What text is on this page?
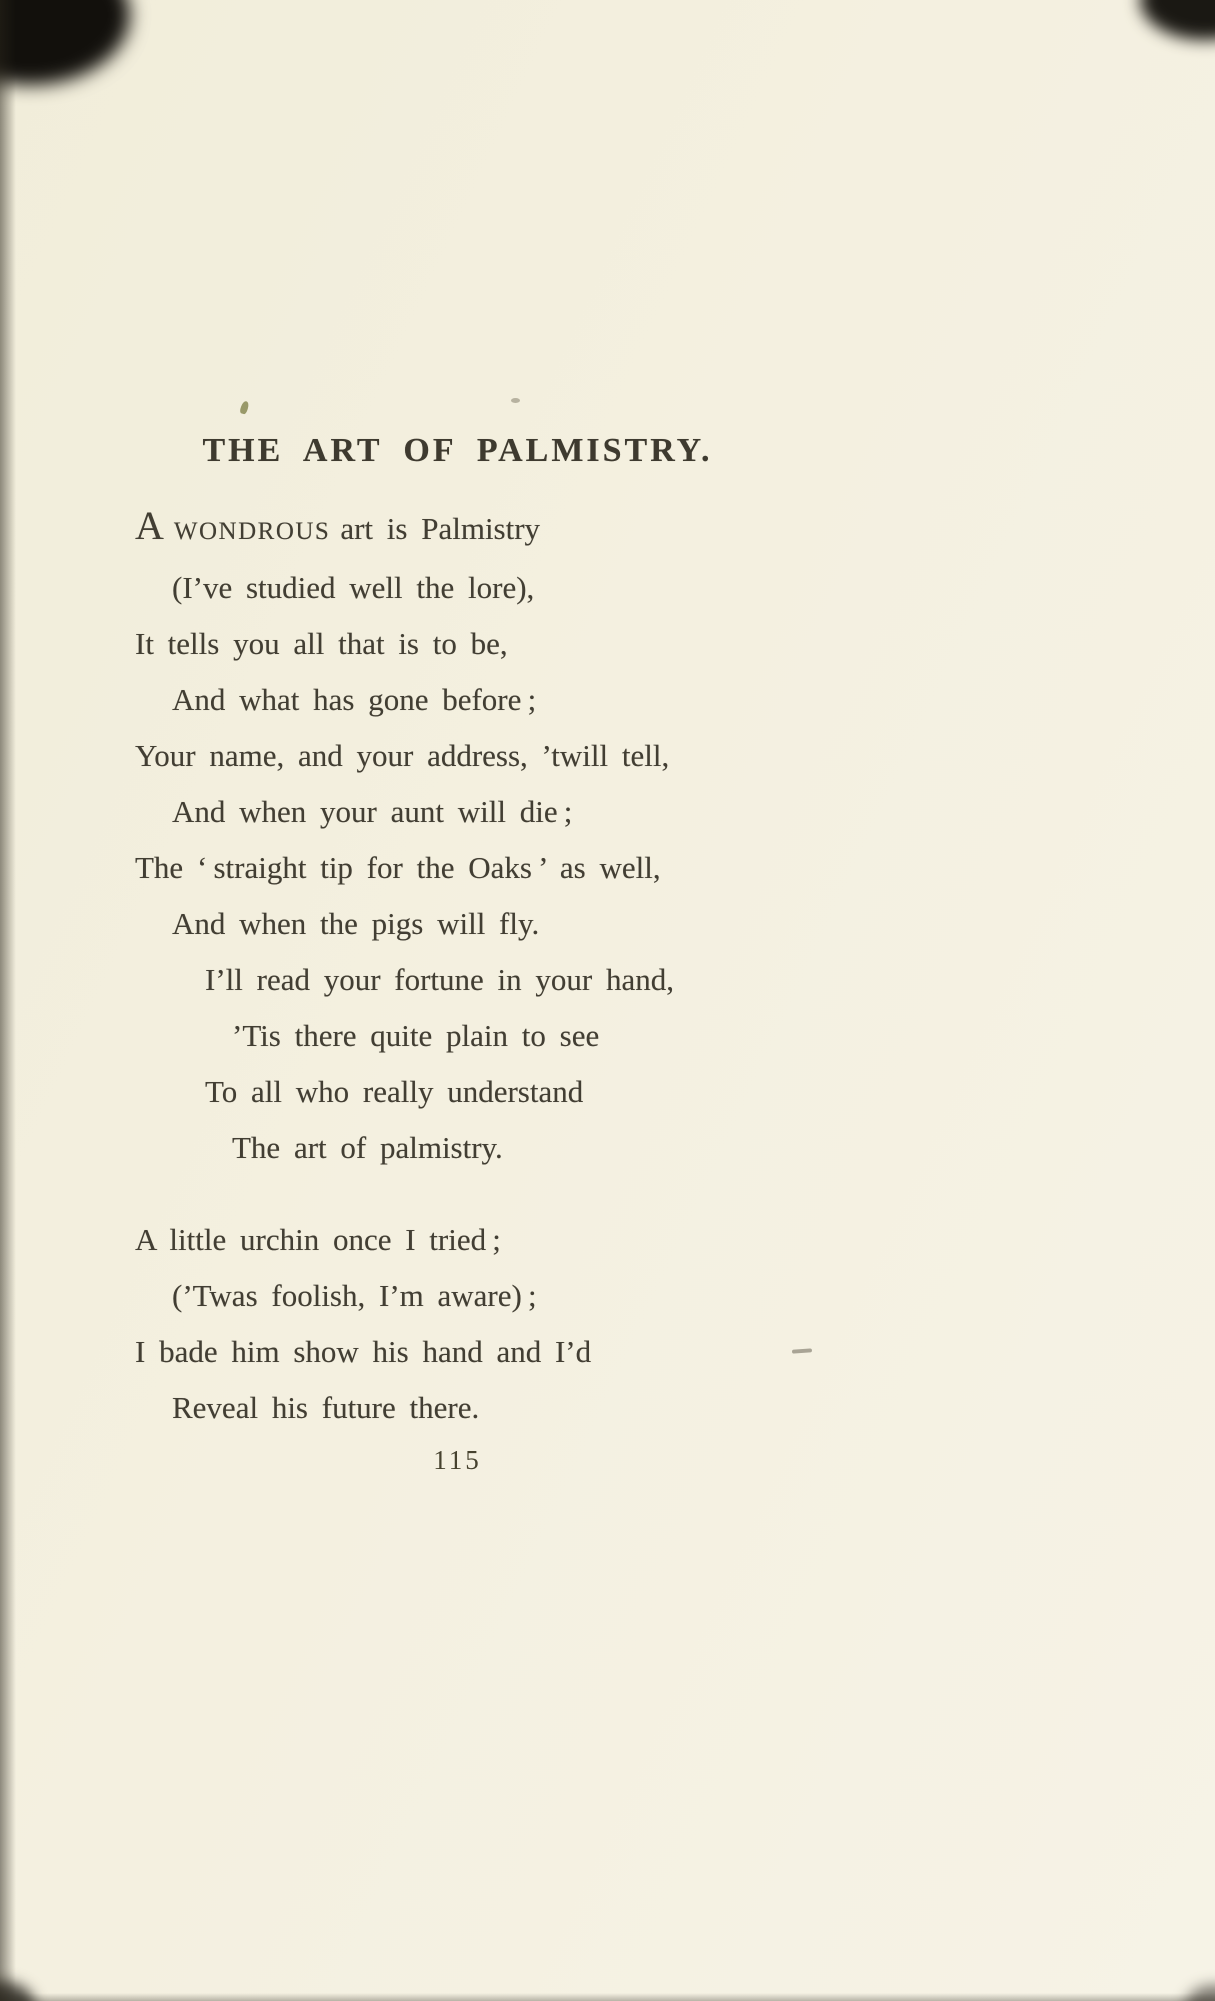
THE ART OF PALMISTRY.
AWONDROUS art is Palmistry
(I’ve studied well the lore),
It tells you all that is to be,
And what has gone before ;
Your name, and your address, ’twill tell,
And when your aunt will die ;
The ‘ straight tip for the Oaks ’ as well,
And when the pigs will fly.
I’ll read your fortune in your hand,
’Tis there quite plain to see
To all who really understand
The art of palmistry.
A little urchin once I tried ;
(’Twas foolish, I’m aware) ;
I bade him show his hand and I’d
Reveal his future there.
115
